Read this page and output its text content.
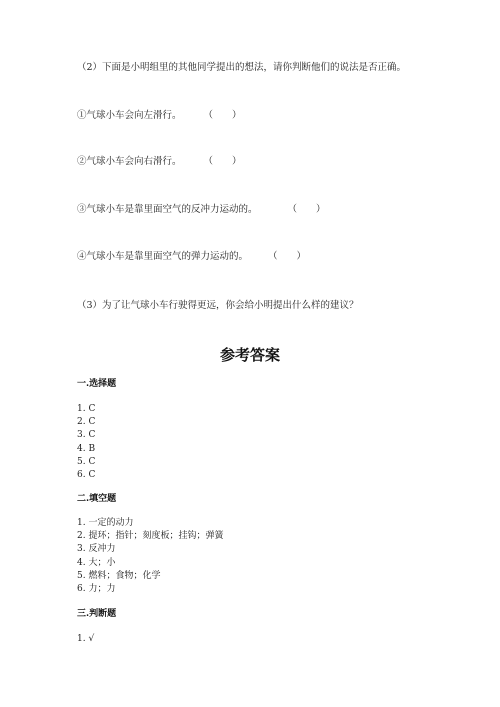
（2）下面是小明组里的其他同学提出的想法，请你判断他们的说法是否正确。
①气球小车会向左滑行。 （　　）
②气球小车会向右滑行。 （　　）
③气球小车是靠里面空气的反冲力运动的。	（　　）
④气球小车是靠里面空气的弹力运动的。 （　　）
（3）为了让气球小车行驶得更远，你会给小明提出什么样的建议？
参考答案
一.选择题
1. C
2. C
3. C
4. B
5. C
6. C
二.填空题
1. 一定的动力
2. 提环；指针；刻度板；挂钩；弹簧
3. 反冲力
4. 大；小
5. 燃料；食物；化学
6. 力；力
三.判断题
1. √
